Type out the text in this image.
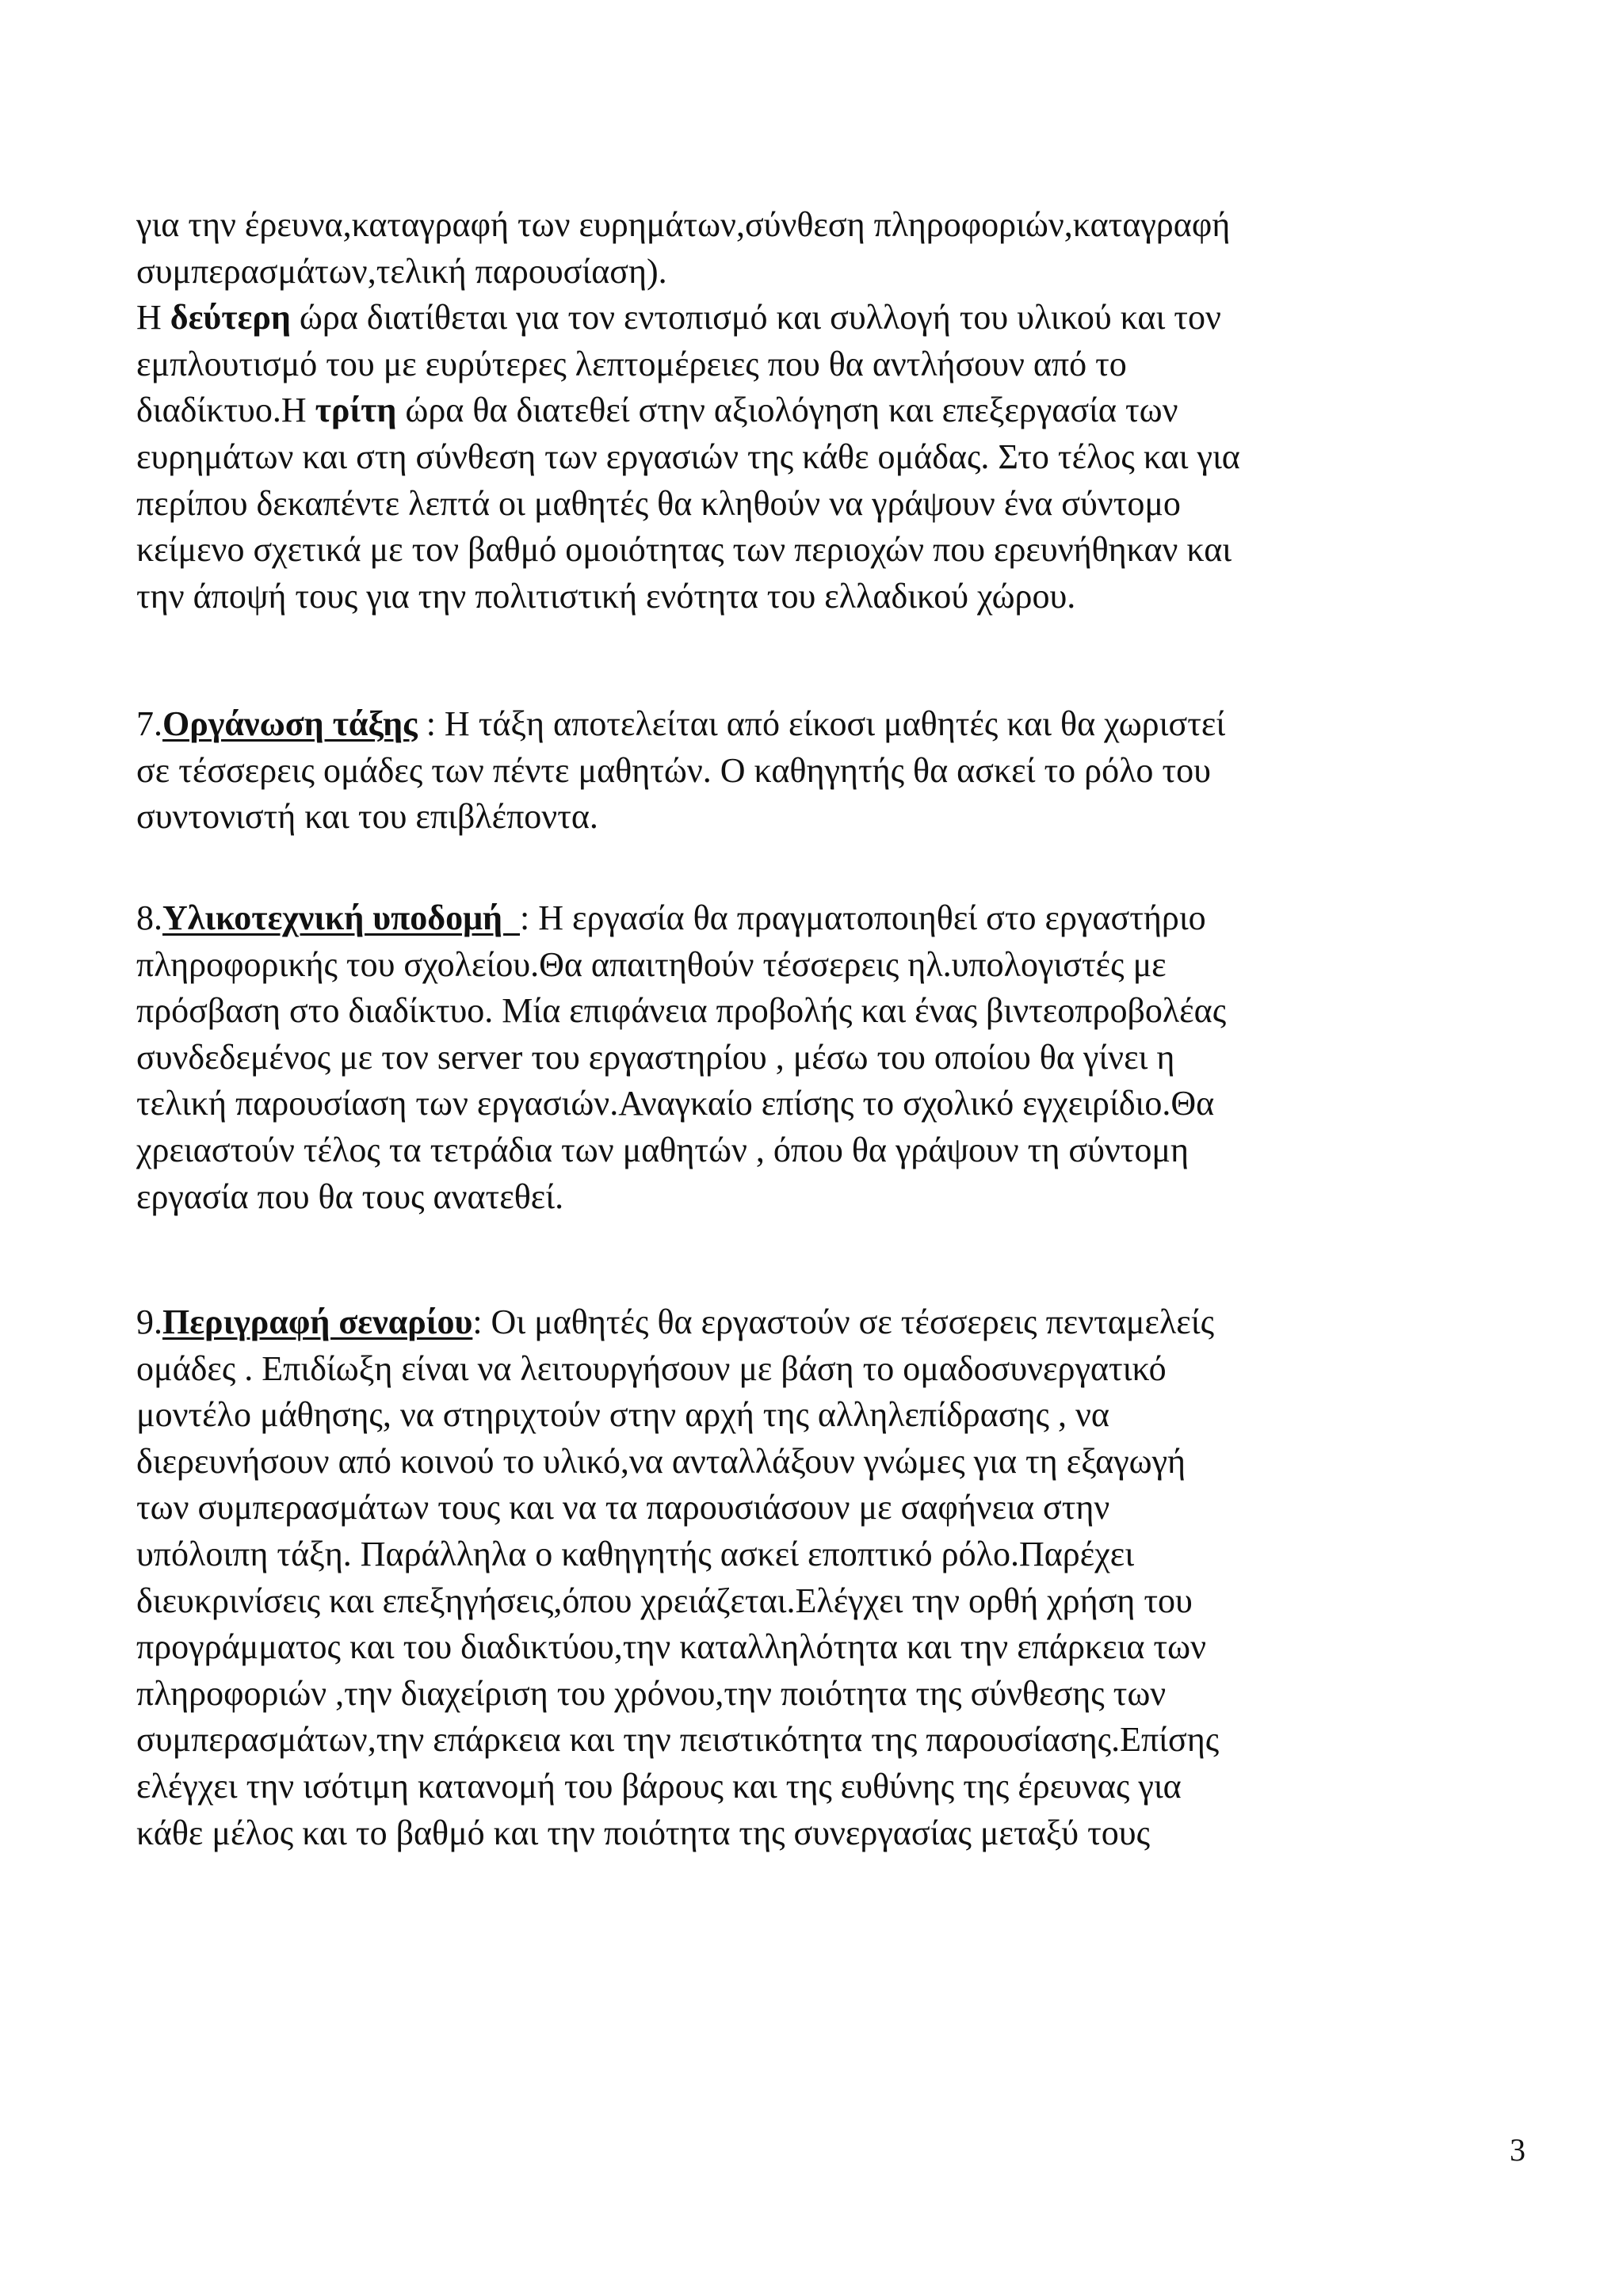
για την έρευνα,καταγραφή των ευρημάτων,σύνθεση πληροφοριών,καταγραφή
συμπερασμάτων,τελική παρουσίαση).
Η δεύτερη ώρα διατίθεται για τον εντοπισμό και συλλογή του υλικού και τον
εμπλουτισμό του με ευρύτερες λεπτομέρειες που θα αντλήσουν από το
διαδίκτυο.Η τρίτη ώρα θα διατεθεί στην αξιολόγηση και επεξεργασία των
ευρημάτων και στη σύνθεση των εργασιών της κάθε ομάδας. Στο τέλος και για
περίπου δεκαπέντε λεπτά οι μαθητές θα κληθούν να γράψουν ένα σύντομο
κείμενο σχετικά με τον βαθμό ομοιότητας των περιοχών που ερευνήθηκαν και
την άποψή τους για την πολιτιστική ενότητα του ελλαδικού χώρου.
7.Οργάνωση τάξης : Η τάξη αποτελείται από είκοσι μαθητές και θα χωριστεί
σε τέσσερεις ομάδες των πέντε μαθητών. Ο καθηγητής θα ασκεί το ρόλο του
συντονιστή και του επιβλέποντα.
8.Υλικοτεχνική υποδομή  : Η εργασία θα πραγματοποιηθεί στο εργαστήριο
πληροφορικής του σχολείου.Θα απαιτηθούν τέσσερεις ηλ.υπολογιστές με
πρόσβαση στο διαδίκτυο. Μία επιφάνεια προβολής και ένας βιντεοπροβολέας
συνδεδεμένος με τον server του εργαστηρίου , μέσω του οποίου θα γίνει η
τελική παρουσίαση των εργασιών.Αναγκαίο επίσης το σχολικό εγχειρίδιο.Θα
χρειαστούν τέλος τα τετράδια των μαθητών , όπου θα γράψουν τη σύντομη
εργασία που θα τους ανατεθεί.
9.Περιγραφή σεναρίου: Οι μαθητές θα εργαστούν σε τέσσερεις πενταμελείς
ομάδες . Επιδίωξη είναι να λειτουργήσουν με βάση το ομαδοσυνεργατικό
μοντέλο μάθησης, να στηριχτούν στην αρχή της αλληλεπίδρασης , να
διερευνήσουν από κοινού το υλικό,να ανταλλάξουν γνώμες για τη εξαγωγή
των συμπερασμάτων τους και να τα παρουσιάσουν με σαφήνεια στην
υπόλοιπη τάξη. Παράλληλα ο καθηγητής ασκεί εποπτικό ρόλο.Παρέχει
διευκρινίσεις και επεξηγήσεις,όπου χρειάζεται.Ελέγχει την ορθή χρήση του
προγράμματος και του διαδικτύου,την καταλληλότητα και την επάρκεια των
πληροφοριών ,την διαχείριση του χρόνου,την ποιότητα της σύνθεσης των
συμπερασμάτων,την επάρκεια και την πειστικότητα της παρουσίασης.Επίσης
ελέγχει την ισότιμη κατανομή του βάρους και της ευθύνης της έρευνας για
κάθε μέλος και το βαθμό και την ποιότητα της συνεργασίας μεταξύ τους
3
